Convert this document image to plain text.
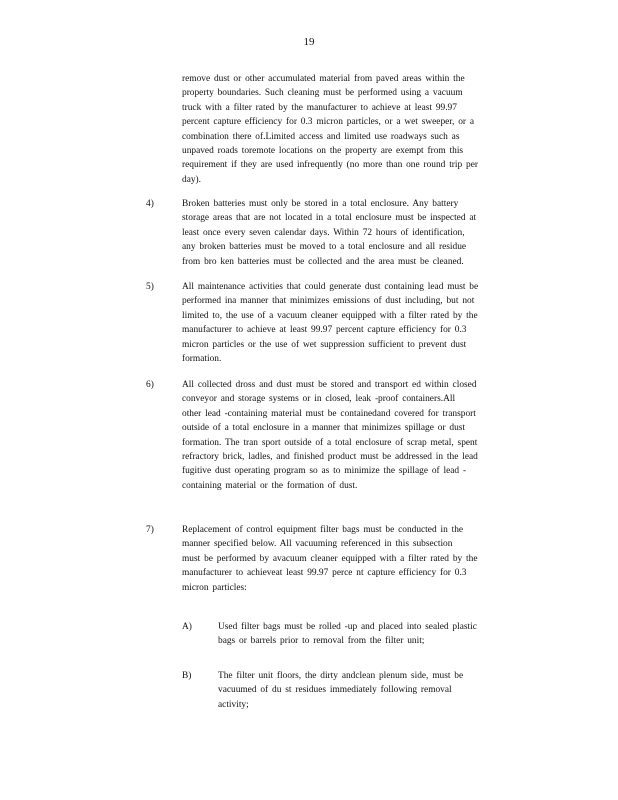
19
remove dust or other accumulated material from paved areas within the
property boundaries. Such cleaning must be performed using a vacuum
truck with a filter rated by the manufacturer to achieve at least 99.97
percent capture efficiency for 0.3 micron particles, or a wet sweeper, or a
combination there of.Limited access and limited use roadways such as
unpaved roads toremote locations on the property are exempt from this
requirement if they are used infrequently (no more than one round trip per
day).
4)	Broken batteries must only be stored in a total enclosure. Any battery
storage areas that are not located in a total enclosure must be inspected at
least once every seven calendar days. Within 72 hours of identification,
any broken batteries must be moved to a total enclosure and all residue
from bro ken batteries must be collected and the area must be cleaned.
5)	All maintenance activities that could generate dust containing lead must be
performed ina manner that minimizes emissions of dust including, but not
limited to, the use of a vacuum cleaner equipped with a filter rated by the
manufacturer to achieve at least 99.97 percent capture efficiency for 0.3
micron particles or the use of wet suppression sufficient to prevent dust
formation.
6)	All collected dross and dust must be stored and transport ed within closed
conveyor and storage systems or in closed, leak -proof containers.All
other lead -containing material must be containedand covered for transport
outside of a total enclosure in a manner that minimizes spillage or dust
formation. The tran sport outside of a total enclosure of scrap metal, spent
refractory brick, ladles, and finished product must be addressed in the lead
fugitive dust operating program so as to minimize the spillage of lead -
containing material or the formation of dust.
7)	Replacement of control equipment filter bags must be conducted in the
manner specified below. All vacuuming referenced in this subsection
must be performed by avacuum cleaner equipped with a filter rated by the
manufacturer to achieveat least 99.97 perce nt capture efficiency for 0.3
micron particles:
A)	Used filter bags must be rolled -up and placed into sealed plastic
bags or barrels prior to removal from the filter unit;
B)	The filter unit floors, the dirty andclean plenum side, must be
vacuumed of du st residues immediately following removal
activity;
